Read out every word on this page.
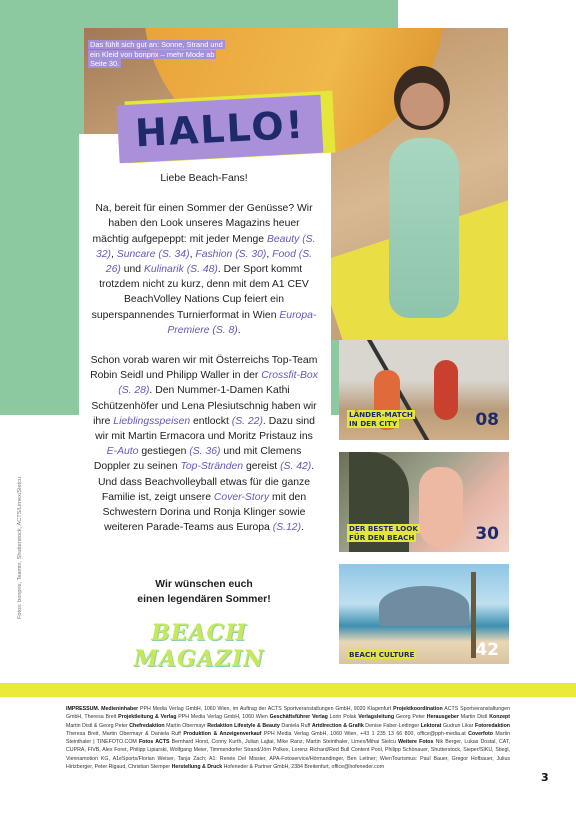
Das fühlt sich gut an: Sonne, Strand und ein Kleid von bonprix – mehr Mode ab Seite 30.
HALLO!

Liebe Beach-Fans!

Na, bereit für einen Sommer der Genüsse? Wir haben den Look unseres Magazins heuer mächtig aufgepeppt: mit jeder Menge Beauty (S. 32), Suncare (S. 34), Fashion (S. 30), Food (S. 26) und Kulinarik (S. 48). Der Sport kommt trotzdem nicht zu kurz, denn mit dem A1 CEV BeachVolley Nations Cup feiert ein superspannendes Turnierformat in Wien Europa-Premiere (S. 8).

Schon vorab waren wir mit Österreichs Top-Team Robin Seidl und Philipp Waller in der Crossfit-Box (S. 28). Den Nummer-1-Damen Kathi Schützenhöfer und Lena Plesiutschnig haben wir ihre Lieblingsspeisen entlockt (S. 22). Dazu sind wir mit Martin Ermacora und Moritz Pristauz ins E-Auto gestiegen (S. 36) und mit Clemens Doppler zu seinen Top-Stränden gereist (S. 42). Und dass Beachvolleyball etwas für die ganze Familie ist, zeigt unsere Cover-Story mit den Schwestern Dorina und Ronja Klinger sowie weiteren Parade-Teams aus Europa (S.12).

Wir wünschen euch
einen legendären Sommer!
BEACH MAGAZIN
Fotos: bonprix, Teamin, Shutterstock, ACTS/Limex/Sietcu
LÄNDER-MATCH
IN DER CITY	08
DER BESTE LOOK
FÜR DEN BEACH	30
BEACH CULTURE	42
IMPRESSUM. Medieninhaber PPH Media Verlag GmbH, 1060 Wien, im Auftrag der ACTS Sportveranstaltungen GmbH, 9020 Klagenfurt Projektkoordination ACTS Sportveranstaltungen GmbH, Theresa Breit Projektleitung & Verlag PPH Media Verlag GmbH, 1060 Wien Geschäftsführer Verlag Lorin Polak Verlagsleitung Georg Peter Herausgeber Martin Distl Konzept Martin Distl & Georg Peter Chefredaktion Martin Obermayr Redaktion Lifestyle & Beauty Daniela Ruff Artdirection & Grafik Denise Faber-Ledinger Lektorat Gudrun Likar Fotoredaktion Theresa Breit, Martin Obermayr & Daniela Ruff Produktion & Anzeigenverkauf PPH Media Verlag GmbH, 1060 Wien, +43 1 235 13 66 800, office@pph-media.at Coverfoto Martin Steinthaler | TINEFOTO.COM Fotos ACTS Bernhard Horst, Conny Kurth, Julian Lajtai, Mike Ranz, Martin Steinthaler, Limex/Mihai Sietcu Weitere Fotos Nik Berger, Lukas Dostal, CAT, CUPRA, FIVB, Alex Foret, Philipp Lipiarski, Wolfgang Meier, Timmendorfer Strand/Jörn Polkex, Lorenz Richard/Red Bull Content Pool, Philipp Schönauer, Shutterstock, Sieper/SIKU, Stiegl, Viennamotion KG, A1eSports/Florian Weiser, Tanja Zach; A1: Renée Del Missier, APA-Fotoservice/Hörmandinger, Ben Leitner; WienTourismus: Paul Bauer, Gregor Hofbauer, Julius Hirtzberger, Peter Rigaud, Christian Stemper Herstellung & Druck Hofeneder & Partner GmbH, 2384 Breitenfurt, office@hofeneder.com
3
